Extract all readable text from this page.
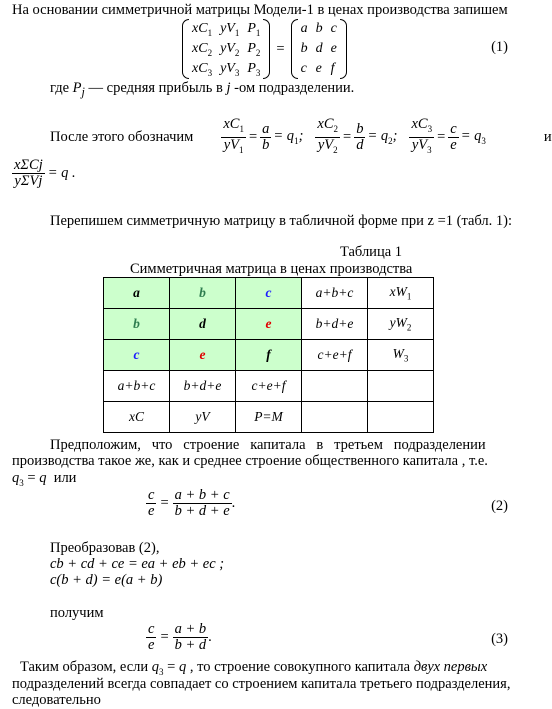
На основании симметричной матрицы Модели-1 в ценах производства запишем
$xC_1$	$yV_1$	$P_1$
$xC_2$	$yV_2$	$P_2$
$xC_3$	$yV_3$	$P_3$
=
a	b	c
b	d	e
c	e	f
(1)
где $P_j$ — средняя прибыль в j -ом подразделении.
После этого обозначим $\frac{xC_1}{yV_1} = \frac{a}{b} = q_1$; $\frac{xC_2}{yV_2} = \frac{b}{d} = q_2$; $\frac{xC_3}{yV_3} = \frac{c}{e} = q_3$	и
$\frac{\text{xΣCj}}{\text{yΣVj}} = q$ .
Перепишем симметричную матрицу в табличной форме при z =1 (табл. 1):
Таблица 1
Симметричная матрица в ценах производства
a	b	c	a+b+c	$xW_1$
b	d	e	b+d+e	$yW_2$
c	e	f	c+e+f	$W_3$
a+b+c	b+d+e	c+e+f		
xC	yV	P=M		
Предположим,   что   строение   капитала   в   третьем   подразделении
производства такое же, как и среднее строение общественного капитала , т.е.
$q_3 = q$  или
$\frac{c}{e} = \frac{a + b + c}{b + d + e}$ .	(2)
Преобразовав (2),
cb + cd + ce = ea + eb + ec ;
c(b + d) = e(a + b)
получим
$\frac{c}{e} = \frac{a + b}{b + d}$ .	(3)
Таким образом, если $q_3 = q$ , то строение совокупного капитала двух первых
подразделений всегда совпадает со строением капитала третьего подразделения,
следовательно
